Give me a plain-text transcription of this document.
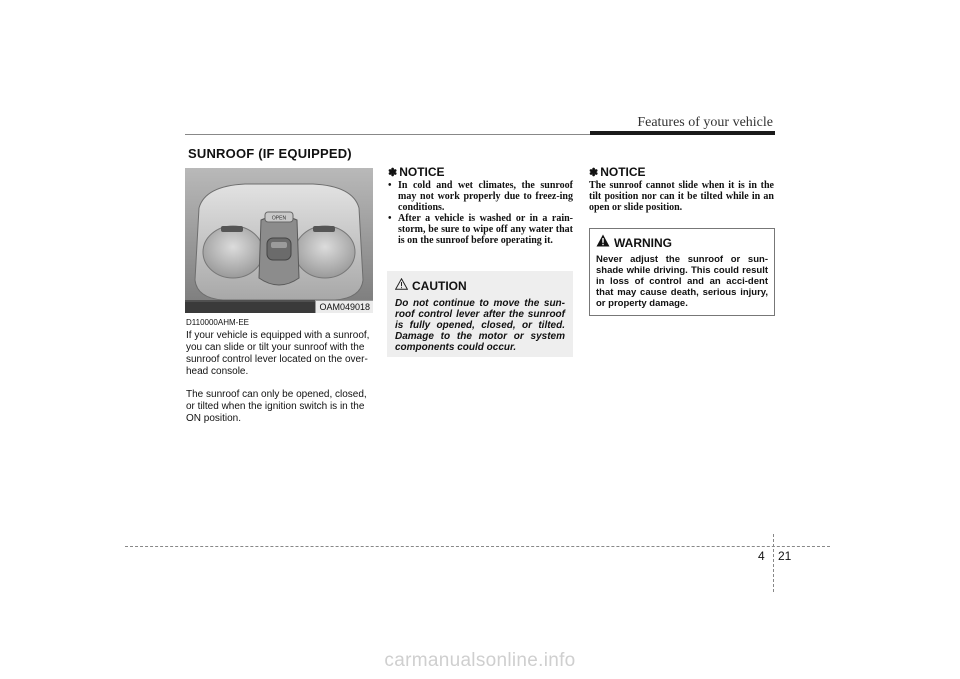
Features of your vehicle
SUNROOF (IF EQUIPPED)
OPEN
OAM049018
D110000AHM-EE
If your vehicle is equipped with a sunroof, you can slide or tilt your sunroof with the sunroof control lever located on the over-head console.
The sunroof can only be opened, closed, or tilted when the ignition switch is in the ON position.
✽ NOTICE
• In cold and wet climates, the sunroof may not work properly due to freez-ing conditions.
• After a vehicle is washed or in a rain-storm, be sure to wipe off any water that is on the sunroof before operating it.
CAUTION
Do not continue to move the sun-roof control lever after the sunroof is fully opened, closed, or tilted. Damage to the motor or system components could occur.
✽ NOTICE
The sunroof cannot slide when it is in the tilt position nor can it be tilted while in an open or slide position.
WARNING
Never adjust the sunroof or sun-shade while driving. This could result in loss of control and an acci-dent that may cause death, serious injury, or property damage.
4 21
carmanualsonline.info
